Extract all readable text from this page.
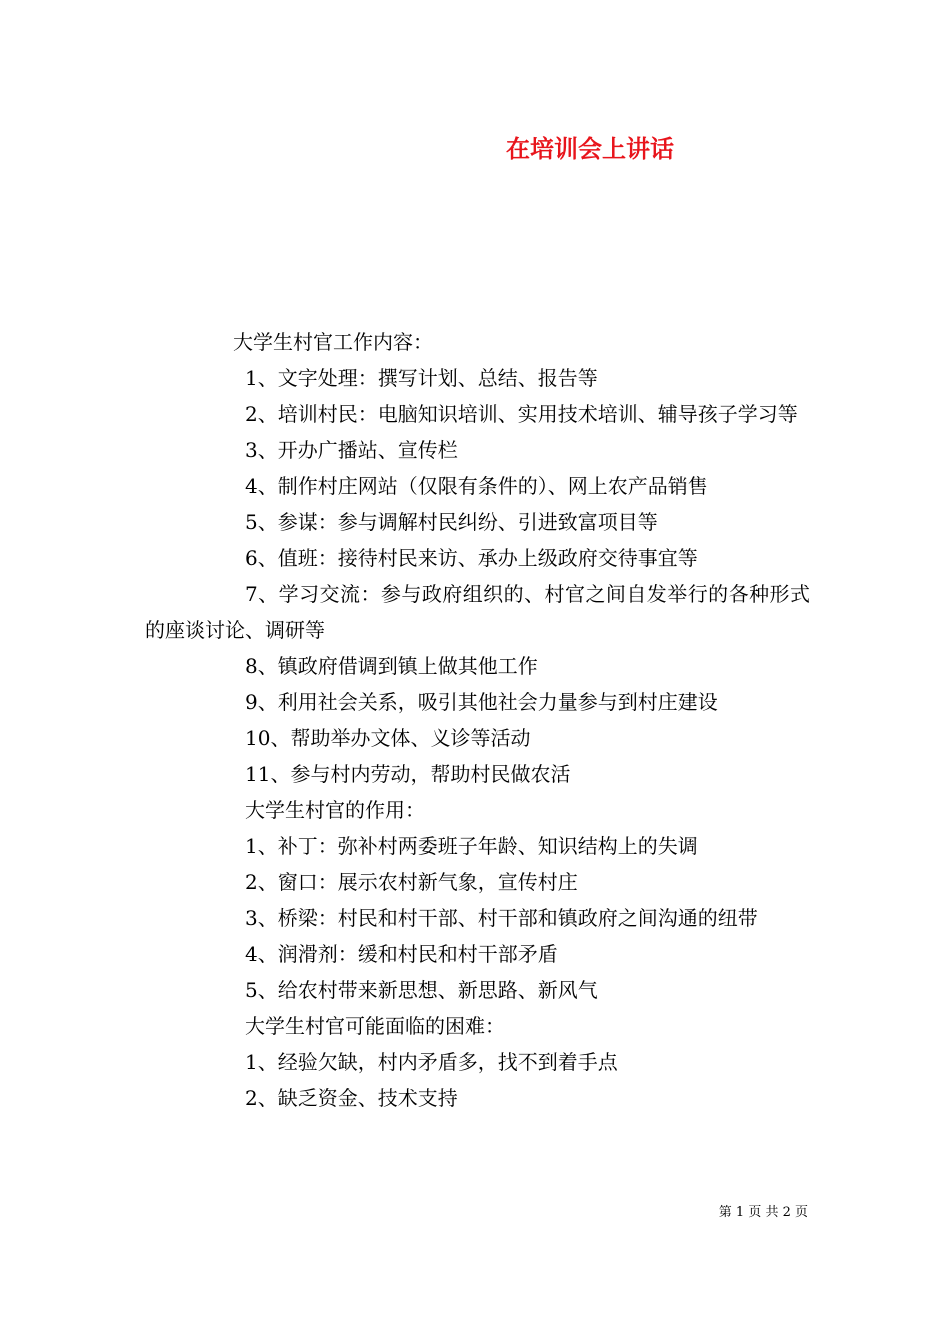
在培训会上讲话

大学生村官工作内容：

1、文字处理：撰写计划、总结、报告等

2、培训村民：电脑知识培训、实用技术培训、辅导孩子学习等

3、开办广播站、宣传栏

4、制作村庄网站（仅限有条件的）、网上农产品销售

5、参谋：参与调解村民纠纷、引进致富项目等

6、值班：接待村民来访、承办上级政府交待事宜等

7、学习交流：参与政府组织的、村官之间自发举行的各种形式的座谈讨论、调研等

8、镇政府借调到镇上做其他工作

9、利用社会关系，吸引其他社会力量参与到村庄建设

10、帮助举办文体、义诊等活动

11、参与村内劳动，帮助村民做农活

大学生村官的作用：

1、补丁：弥补村两委班子年龄、知识结构上的失调

2、窗口：展示农村新气象，宣传村庄

3、桥梁：村民和村干部、村干部和镇政府之间沟通的纽带

4、润滑剂：缓和村民和村干部矛盾

5、给农村带来新思想、新思路、新风气

大学生村官可能面临的困难：

1、经验欠缺，村内矛盾多，找不到着手点

2、缺乏资金、技术支持

第 1 页 共 2 页
